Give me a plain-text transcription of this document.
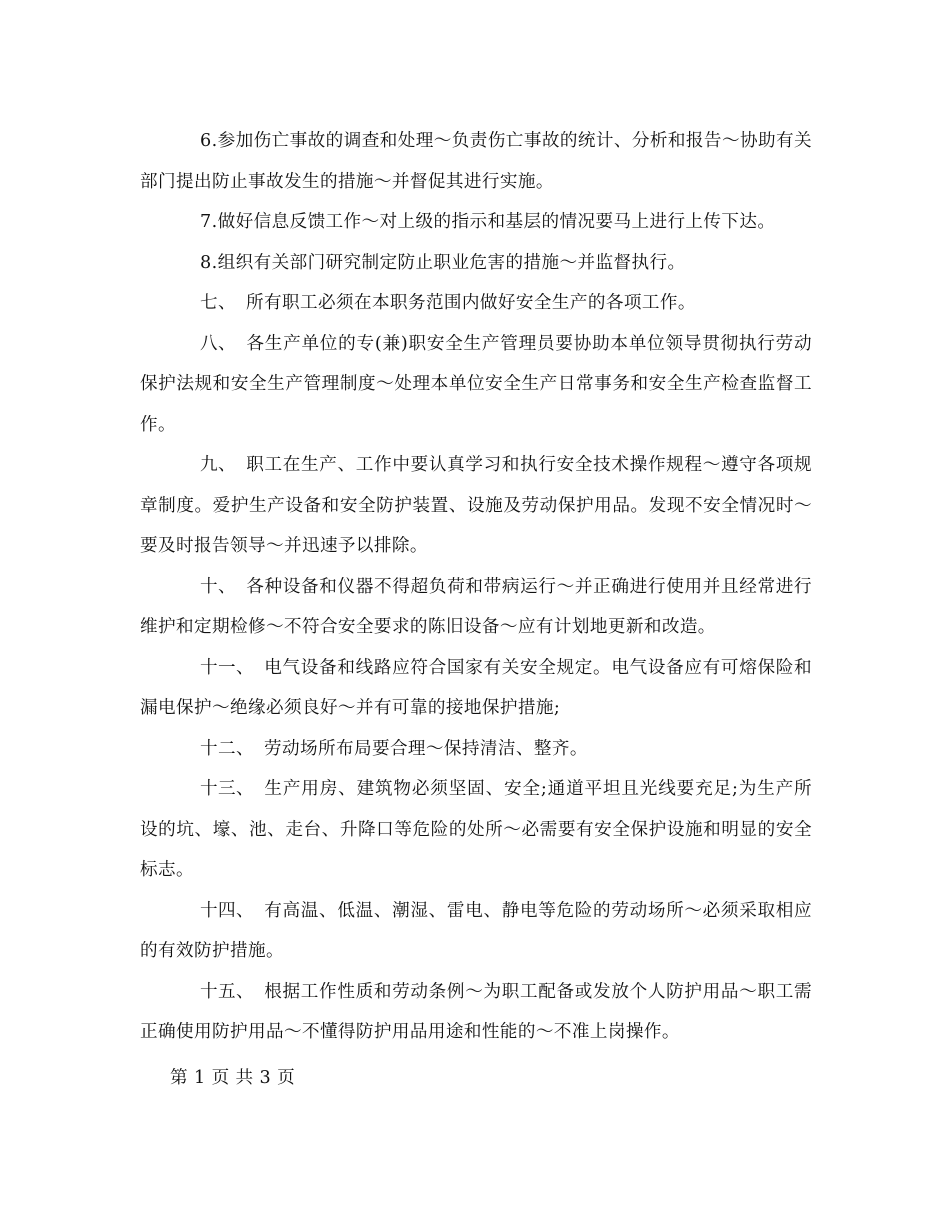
6.参加伤亡事故的调查和处理～负责伤亡事故的统计、分析和报告～协助有关部门提出防止事故发生的措施～并督促其进行实施。

7.做好信息反馈工作～对上级的指示和基层的情况要马上进行上传下达。

8.组织有关部门研究制定防止职业危害的措施～并监督执行。

七、 所有职工必须在本职务范围内做好安全生产的各项工作。

八、 各生产单位的专(兼)职安全生产管理员要协助本单位领导贯彻执行劳动保护法规和安全生产管理制度～处理本单位安全生产日常事务和安全生产检查监督工作。

九、 职工在生产、工作中要认真学习和执行安全技术操作规程～遵守各项规章制度。爱护生产设备和安全防护装置、设施及劳动保护用品。发现不安全情况时～要及时报告领导～并迅速予以排除。

十、 各种设备和仪器不得超负荷和带病运行～并正确进行使用并且经常进行维护和定期检修～不符合安全要求的陈旧设备～应有计划地更新和改造。

十一、 电气设备和线路应符合国家有关安全规定。电气设备应有可熔保险和漏电保护～绝缘必须良好～并有可靠的接地保护措施;

十二、 劳动场所布局要合理～保持清洁、整齐。

十三、 生产用房、建筑物必须坚固、安全;通道平坦且光线要充足;为生产所设的坑、壕、池、走台、升降口等危险的处所～必需要有安全保护设施和明显的安全标志。

十四、 有高温、低温、潮湿、雷电、静电等危险的劳动场所～必须采取相应的有效防护措施。

十五、 根据工作性质和劳动条例～为职工配备或发放个人防护用品～职工需正确使用防护用品～不懂得防护用品用途和性能的～不准上岗操作。

第 1 页 共 3 页
